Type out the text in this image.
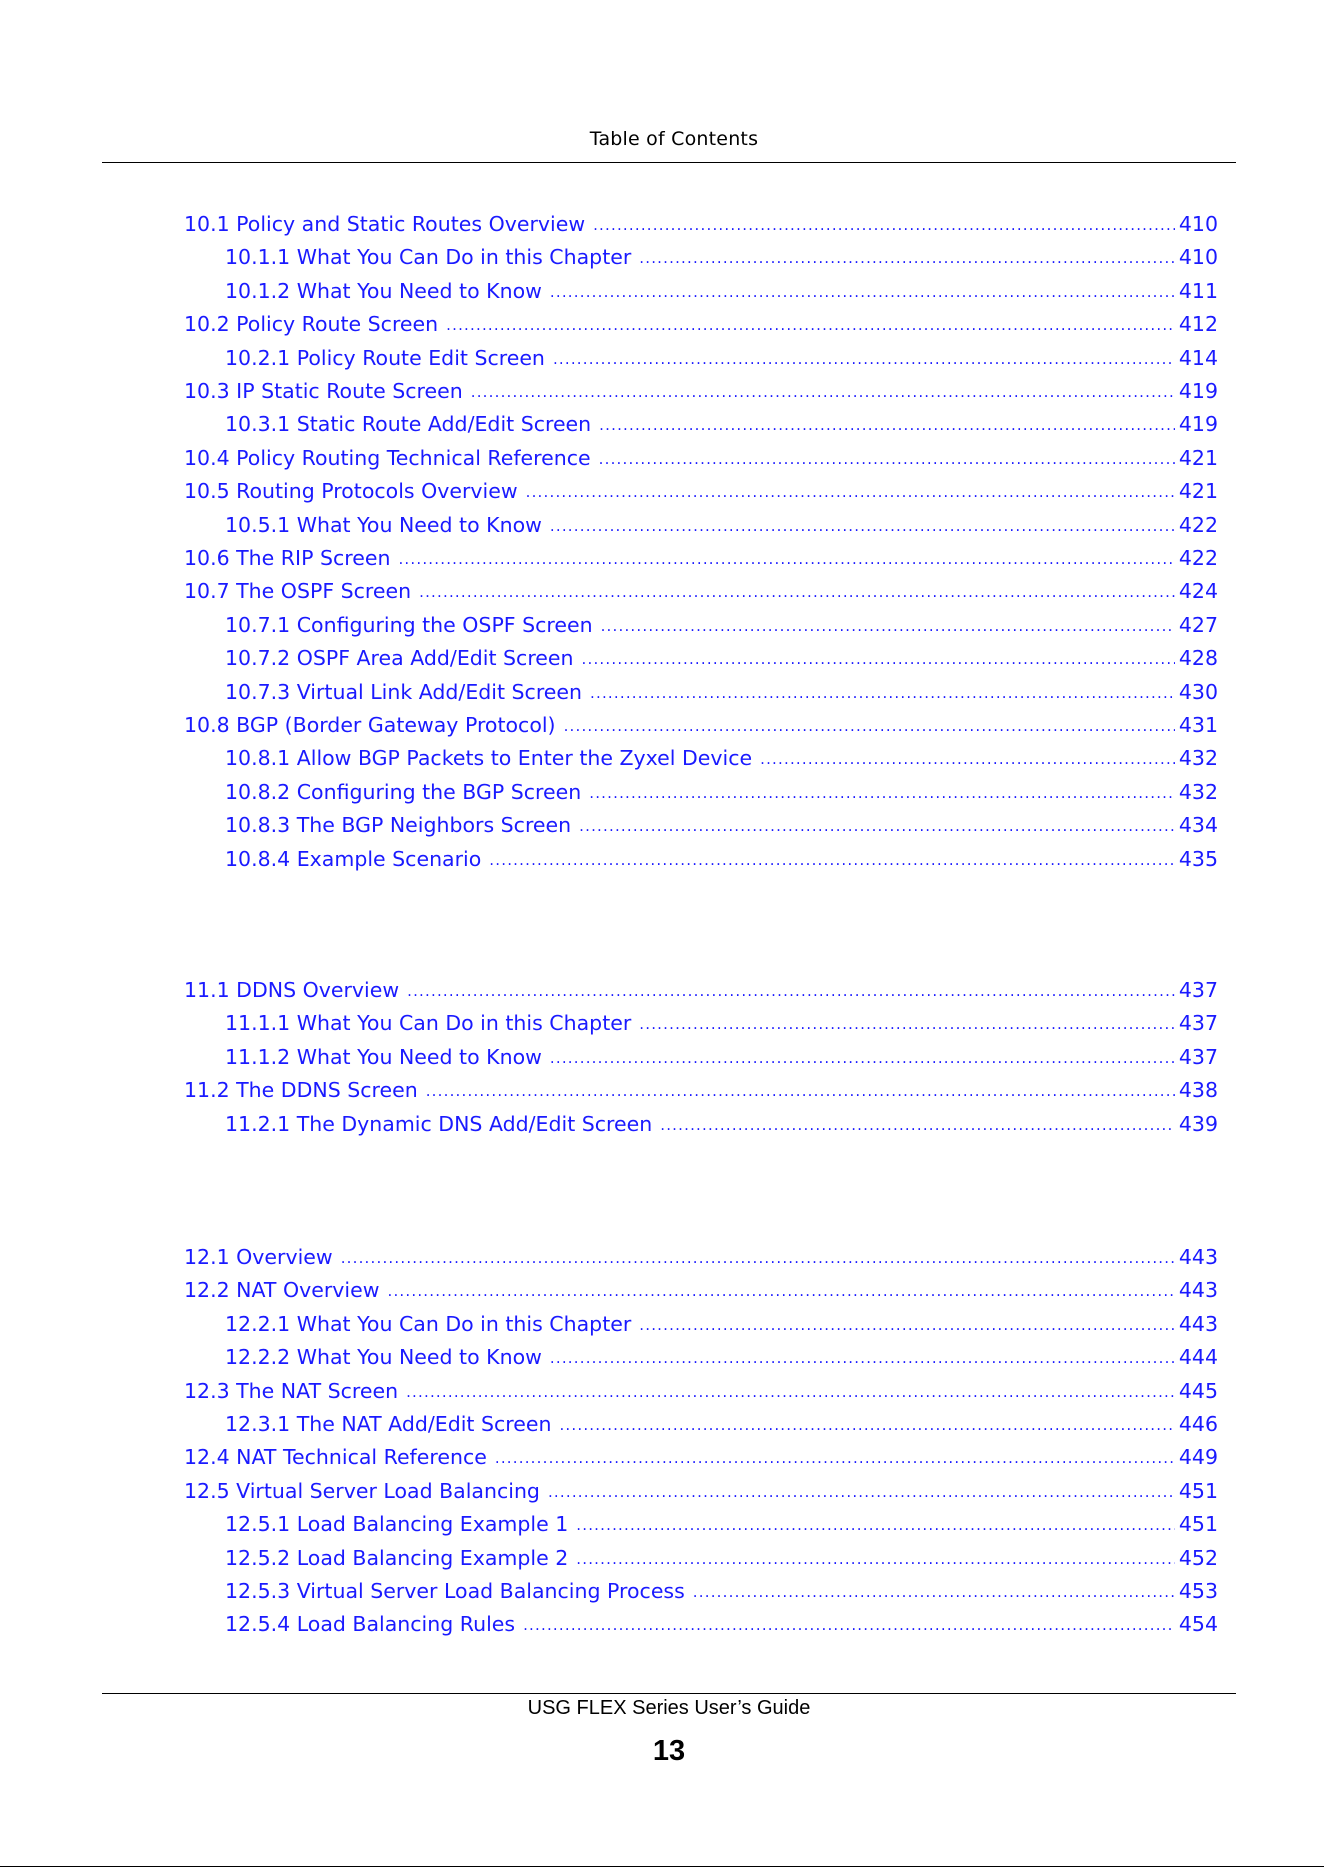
Table of Contents
10.1 Policy and Static Routes Overview .....	410
10.1.1 What You Can Do in this Chapter .....	410
10.1.2 What You Need to Know .....	411
10.2 Policy Route Screen .....	412
10.2.1 Policy Route Edit Screen .....	414
10.3 IP Static Route Screen .....	419
10.3.1 Static Route Add/Edit Screen .....	419
10.4 Policy Routing Technical Reference .....	421
10.5 Routing Protocols Overview .....	421
10.5.1 What You Need to Know .....	422
10.6 The RIP Screen .....	422
10.7 The OSPF Screen .....	424
10.7.1 Configuring the OSPF Screen .....	427
10.7.2 OSPF Area Add/Edit Screen .....	428
10.7.3 Virtual Link Add/Edit Screen .....	430
10.8 BGP (Border Gateway Protocol) .....	431
10.8.1 Allow BGP Packets to Enter the Zyxel Device .....	432
10.8.2 Configuring the BGP Screen .....	432
10.8.3 The BGP Neighbors Screen .....	434
10.8.4 Example Scenario .....	435
11.1 DDNS Overview .....	437
11.1.1 What You Can Do in this Chapter .....	437
11.1.2 What You Need to Know .....	437
11.2 The DDNS Screen .....	438
11.2.1 The Dynamic DNS Add/Edit Screen .....	439
12.1 Overview .....	443
12.2 NAT Overview .....	443
12.2.1 What You Can Do in this Chapter .....	443
12.2.2 What You Need to Know .....	444
12.3 The NAT Screen .....	445
12.3.1 The NAT Add/Edit Screen .....	446
12.4 NAT Technical Reference .....	449
12.5 Virtual Server Load Balancing .....	451
12.5.1 Load Balancing Example 1 .....	451
12.5.2 Load Balancing Example 2 .....	452
12.5.3 Virtual Server Load Balancing Process .....	453
12.5.4 Load Balancing Rules .....	454
USG FLEX Series User’s Guide
13
